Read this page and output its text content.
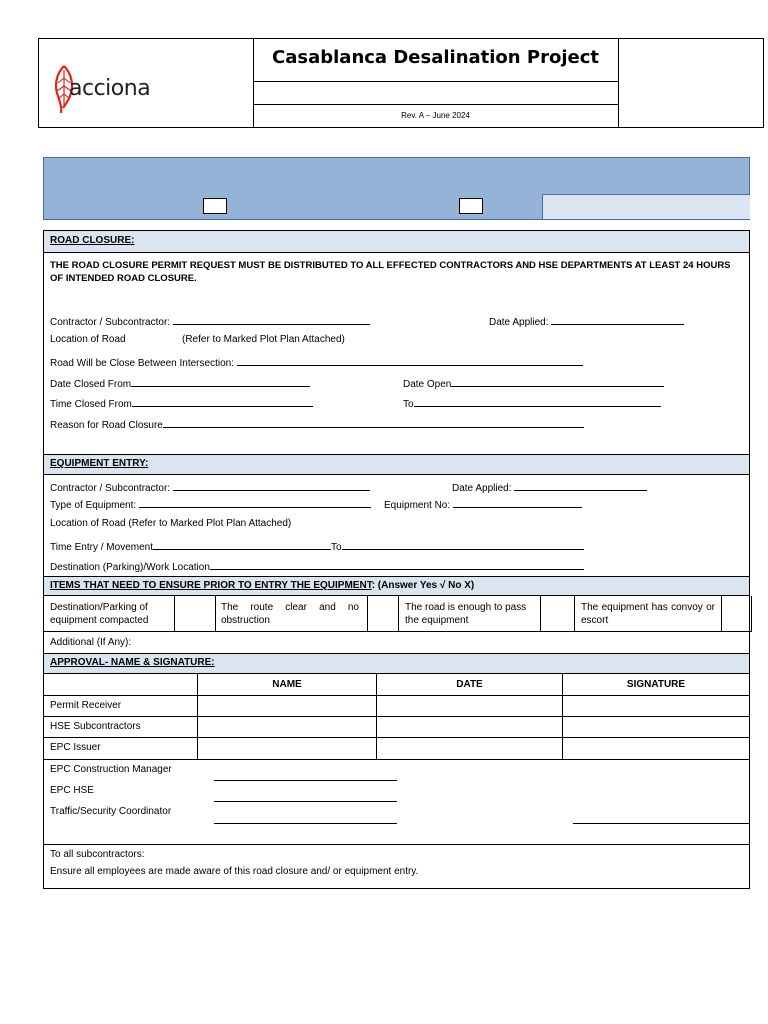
acciona
Casablanca Desalination Project
Rev. A – June 2024
ROAD CLOSURE:
THE ROAD CLOSURE PERMIT REQUEST MUST BE DISTRIBUTED TO ALL EFFECTED CONTRACTORS AND HSE DEPARTMENTS AT LEAST 24 HOURS OF INTENDED ROAD CLOSURE.
Contractor / Subcontractor:	Date Applied:
Location of Road	(Refer to Marked Plot Plan Attached)
Road Will be Close Between Intersection:
Date Closed From	Date Open
Time Closed From	To
Reason for Road Closure
EQUIPMENT ENTRY:
Contractor / Subcontractor:	Date Applied:
Type of Equipment:	Equipment No:
Location of Road (Refer to Marked Plot Plan Attached)
Time Entry / Movement	To
Destination (Parking)/Work Location
ITEMS THAT NEED TO ENSURE PRIOR TO ENTRY THE EQUIPMENT: (Answer Yes √ No X)
Destination/Parking of equipment compacted
The route clear and no obstruction
The road is enough to pass the equipment
The equipment has convoy or escort
Additional (If Any):
APPROVAL- NAME & SIGNATURE:
NAME	DATE	SIGNATURE
Permit Receiver
HSE Subcontractors
EPC Issuer
EPC Construction Manager
EPC HSE
Traffic/Security Coordinator
To all subcontractors:
Ensure all employees are made aware of this road closure and/ or equipment entry.
